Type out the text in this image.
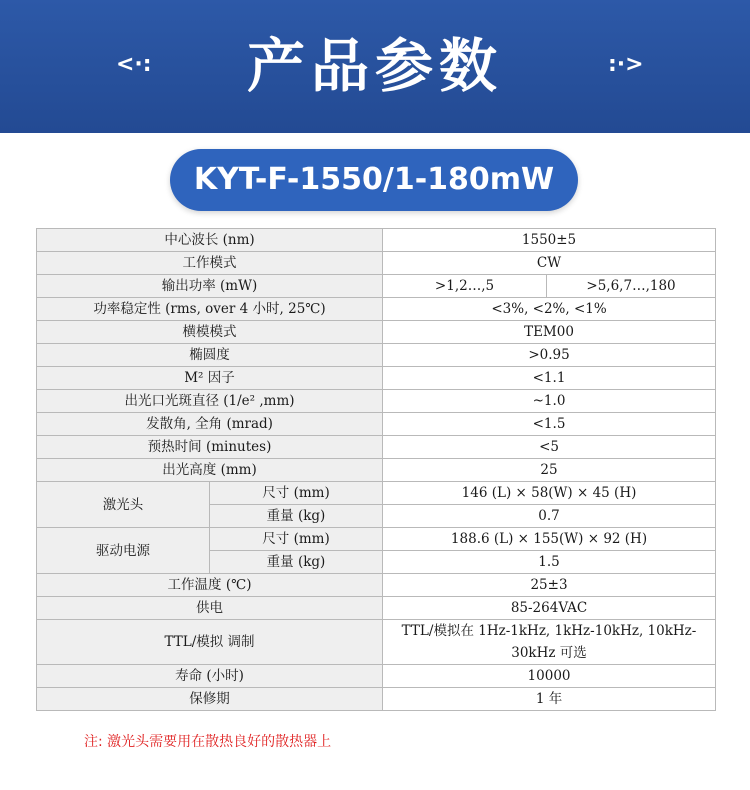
<·:	产品参数	:·>
KYT-F-1550/1-180mW
中心波长 (nm)		1550±5	
工作模式		CW	
输出功率 (mW)		>1,2…,5	>5,6,7…,180
功率稳定性 (rms, over 4 小时, 25℃)		<3%, <2%, <1%	
横模模式		TEM00	
椭圆度		>0.95	
M² 因子		<1.1	
出光口光斑直径 (1/e² ,mm)		~1.0	
发散角, 全角 (mrad)		<1.5	
预热时间 (minutes)		<5	
出光高度 (mm)		25	
激光头	尺寸 (mm)	146 (L) × 58(W) × 45 (H)	
	重量 (kg)	0.7	
驱动电源	尺寸 (mm)	188.6 (L) × 155(W) × 92 (H)	
	重量 (kg)	1.5	
工作温度 (℃)		25±3	
供电		85-264VAC	
TTL/模拟 调制		TTL/模拟在 1Hz-1kHz, 1kHz-10kHz, 10kHz-30kHz 可选	
寿命 (小时)		10000	
保修期		1 年	
注: 激光头需要用在散热良好的散热器上
